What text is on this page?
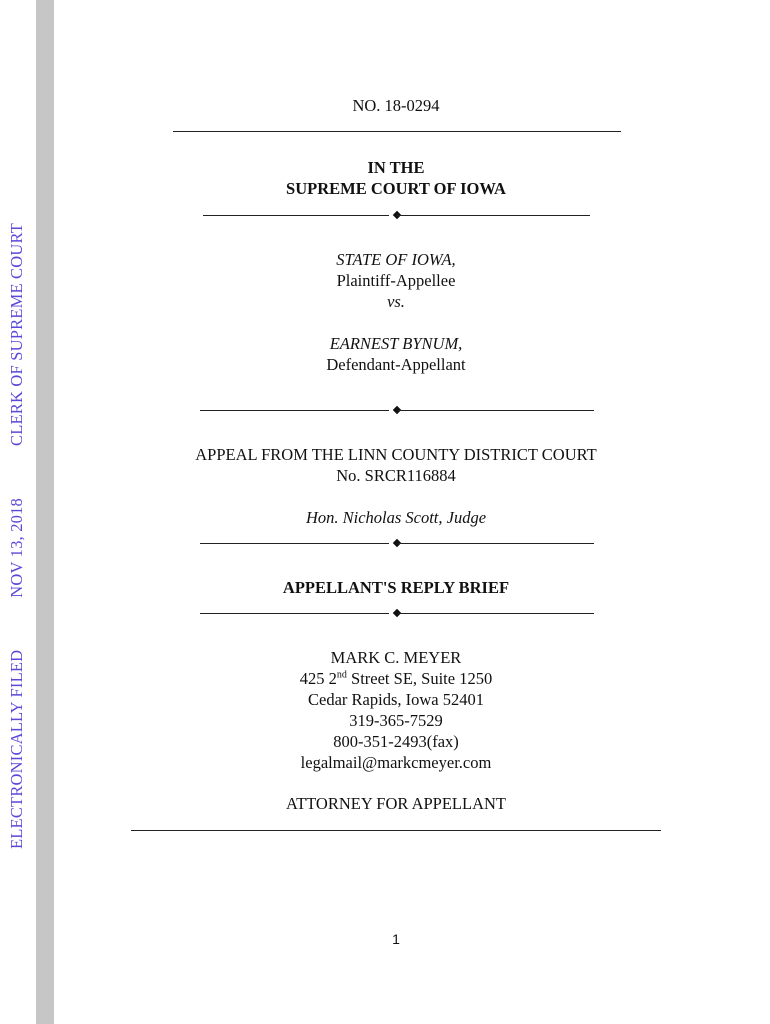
ELECTRONICALLY FILEDNOV 13, 2018CLERK OF SUPREME COURT
NO. 18-0294
IN THE
SUPREME COURT OF IOWA
STATE OF IOWA,
Plaintiff-Appellee
vs.
EARNEST BYNUM,
Defendant-Appellant
APPEAL FROM THE LINN COUNTY DISTRICT COURT
No. SRCR116884
Hon. Nicholas Scott, Judge
APPELLANT'S REPLY BRIEF
MARK C. MEYER
425 2nd Street SE, Suite 1250
Cedar Rapids, Iowa 52401
319-365-7529
800-351-2493(fax)
legalmail@markcmeyer.com
ATTORNEY FOR APPELLANT
1
